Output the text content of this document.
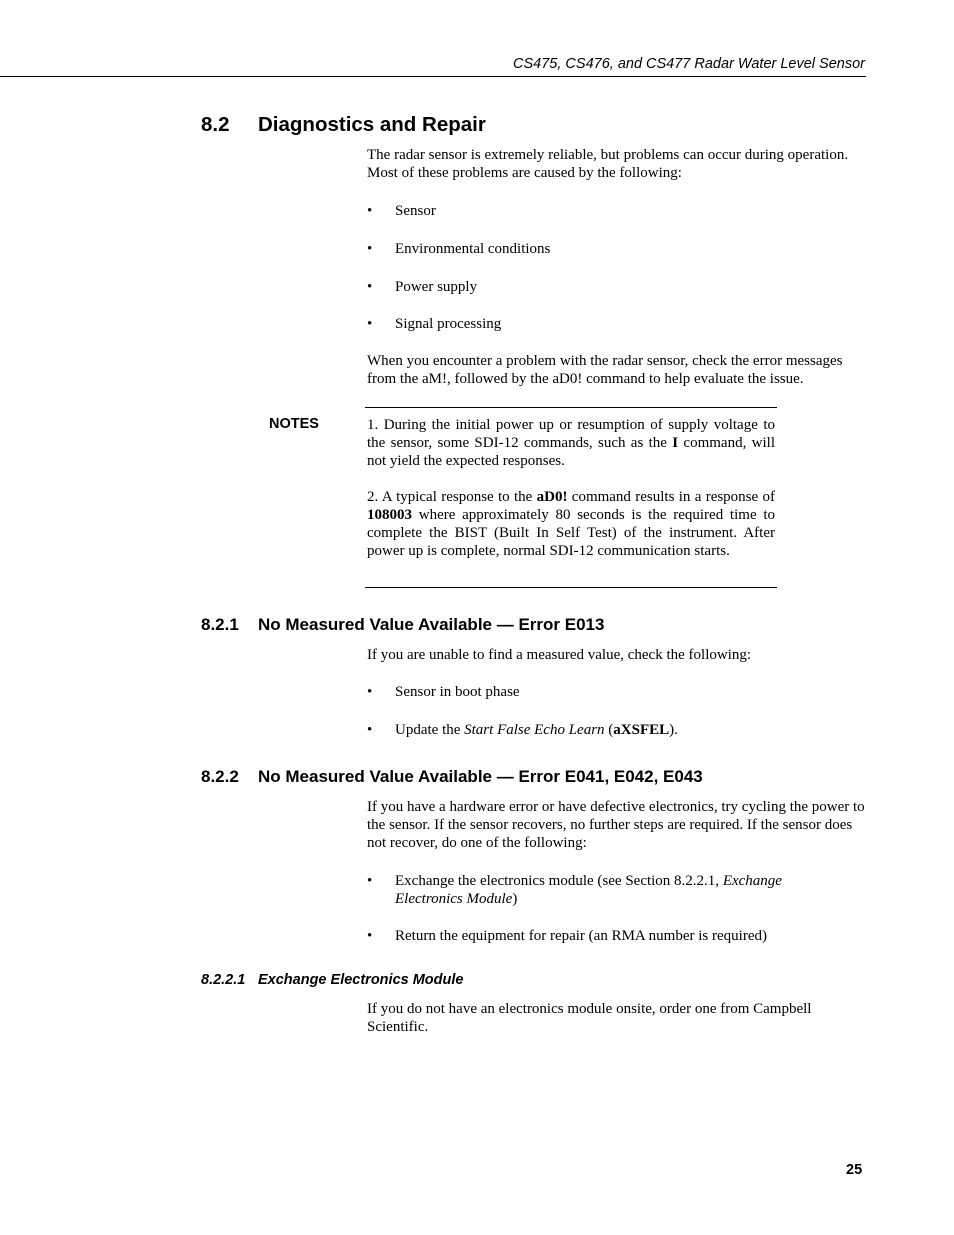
CS475, CS476, and CS477 Radar Water Level Sensor
8.2 Diagnostics and Repair
The radar sensor is extremely reliable, but problems can occur during operation. Most of these problems are caused by the following:
• Sensor
• Environmental conditions
• Power supply
• Signal processing
When you encounter a problem with the radar sensor, check the error messages from the aM!, followed by the aD0! command to help evaluate the issue.
NOTES	1. During the initial power up or resumption of supply voltage to the sensor, some SDI-12 commands, such as the I command, will not yield the expected responses.
2. A typical response to the aD0! command results in a response of 108003 where approximately 80 seconds is the required time to complete the BIST (Built In Self Test) of the instrument. After power up is complete, normal SDI-12 communication starts.
8.2.1 No Measured Value Available — Error E013
If you are unable to find a measured value, check the following:
• Sensor in boot phase
• Update the Start False Echo Learn (aXSFEL).
8.2.2 No Measured Value Available — Error E041, E042, E043
If you have a hardware error or have defective electronics, try cycling the power to the sensor. If the sensor recovers, no further steps are required. If the sensor does not recover, do one of the following:
• Exchange the electronics module (see Section 8.2.2.1, Exchange Electronics Module)
• Return the equipment for repair (an RMA number is required)
8.2.2.1 Exchange Electronics Module
If you do not have an electronics module onsite, order one from Campbell Scientific.
25
